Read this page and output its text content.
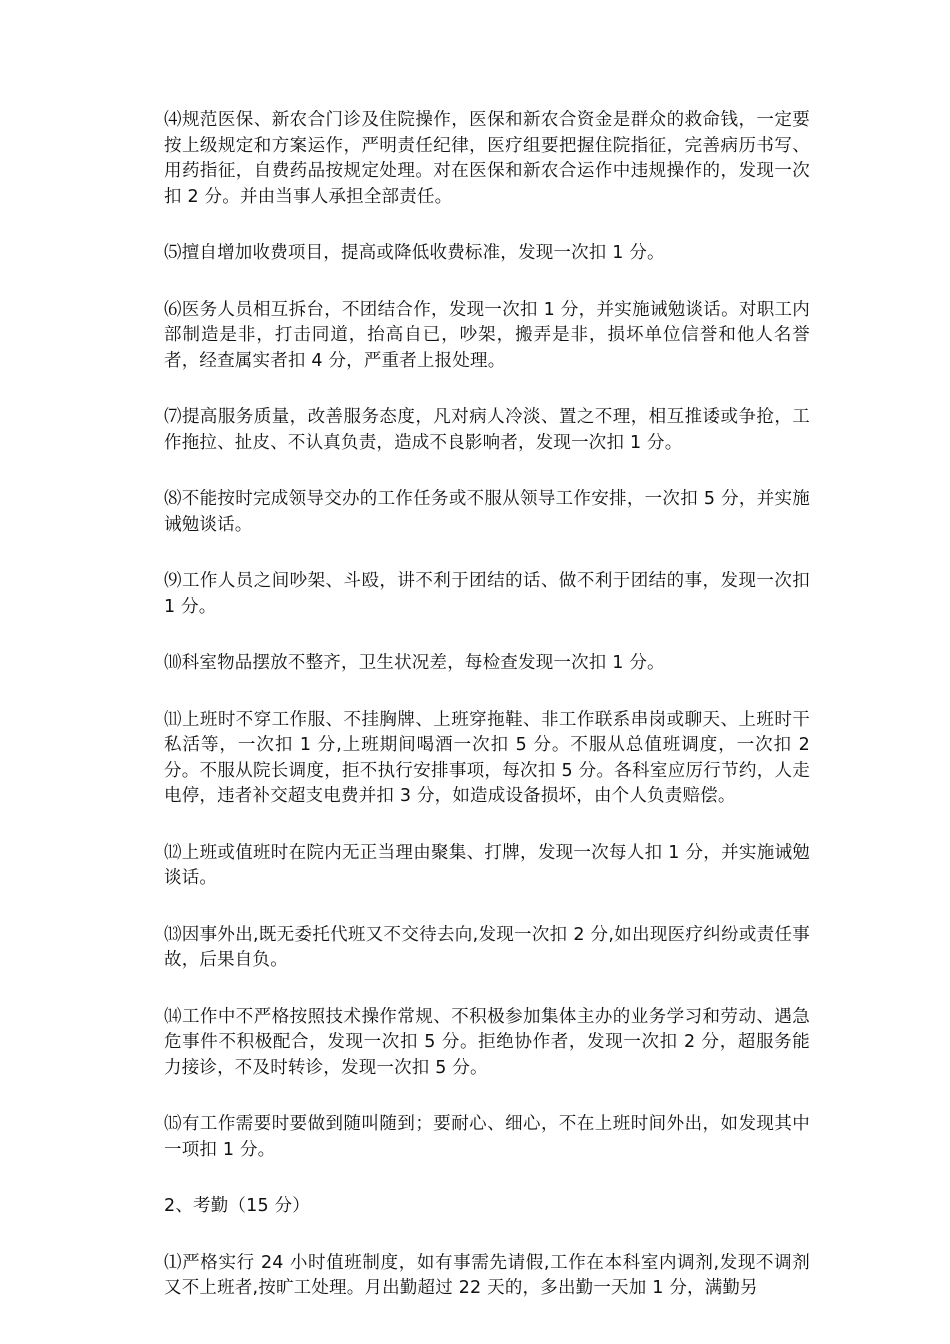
⑷规范医保、新农合门诊及住院操作，医保和新农合资金是群众的救命钱，一定要按上级规定和方案运作，严明责任纪律，医疗组要把握住院指征，完善病历书写、用药指征，自费药品按规定处理。对在医保和新农合运作中违规操作的，发现一次扣 2 分。并由当事人承担全部责任。

⑸擅自增加收费项目，提高或降低收费标准，发现一次扣 1 分。

⑹医务人员相互拆台，不团结合作，发现一次扣 1 分，并实施诫勉谈话。对职工内部制造是非，打击同道，抬高自已，吵架，搬弄是非，损坏单位信誉和他人名誉者，经查属实者扣 4 分，严重者上报处理。

⑺提高服务质量，改善服务态度，凡对病人冷淡、置之不理，相互推诿或争抢，工作拖拉、扯皮、不认真负责，造成不良影响者，发现一次扣 1 分。

⑻不能按时完成领导交办的工作任务或不服从领导工作安排，一次扣 5 分，并实施诫勉谈话。

⑼工作人员之间吵架、斗殴，讲不利于团结的话、做不利于团结的事，发现一次扣 1 分。

⑽科室物品摆放不整齐，卫生状况差，每检查发现一次扣 1 分。

⑾上班时不穿工作服、不挂胸牌、上班穿拖鞋、非工作联系串岗或聊天、上班时干私活等，一次扣 1 分,上班期间喝酒一次扣 5 分。不服从总值班调度，一次扣 2 分。不服从院长调度，拒不执行安排事项，每次扣 5 分。各科室应厉行节约，人走电停，违者补交超支电费并扣 3 分，如造成设备损坏，由个人负责赔偿。

⑿上班或值班时在院内无正当理由聚集、打牌，发现一次每人扣 1 分，并实施诫勉谈话。

⒀因事外出,既无委托代班又不交待去向,发现一次扣 2 分,如出现医疗纠纷或责任事故，后果自负。

⒁工作中不严格按照技术操作常规、不积极参加集体主办的业务学习和劳动、遇急危事件不积极配合，发现一次扣 5 分。拒绝协作者，发现一次扣 2 分，超服务能力接诊，不及时转诊，发现一次扣 5 分。

⒂有工作需要时要做到随叫随到；要耐心、细心，不在上班时间外出，如发现其中一项扣 1 分。

2、考勤（15 分）

⑴严格实行 24 小时值班制度，如有事需先请假,工作在本科室内调剂,发现不调剂又不上班者,按旷工处理。月出勤超过 22 天的，多出勤一天加 1 分，满勤另
